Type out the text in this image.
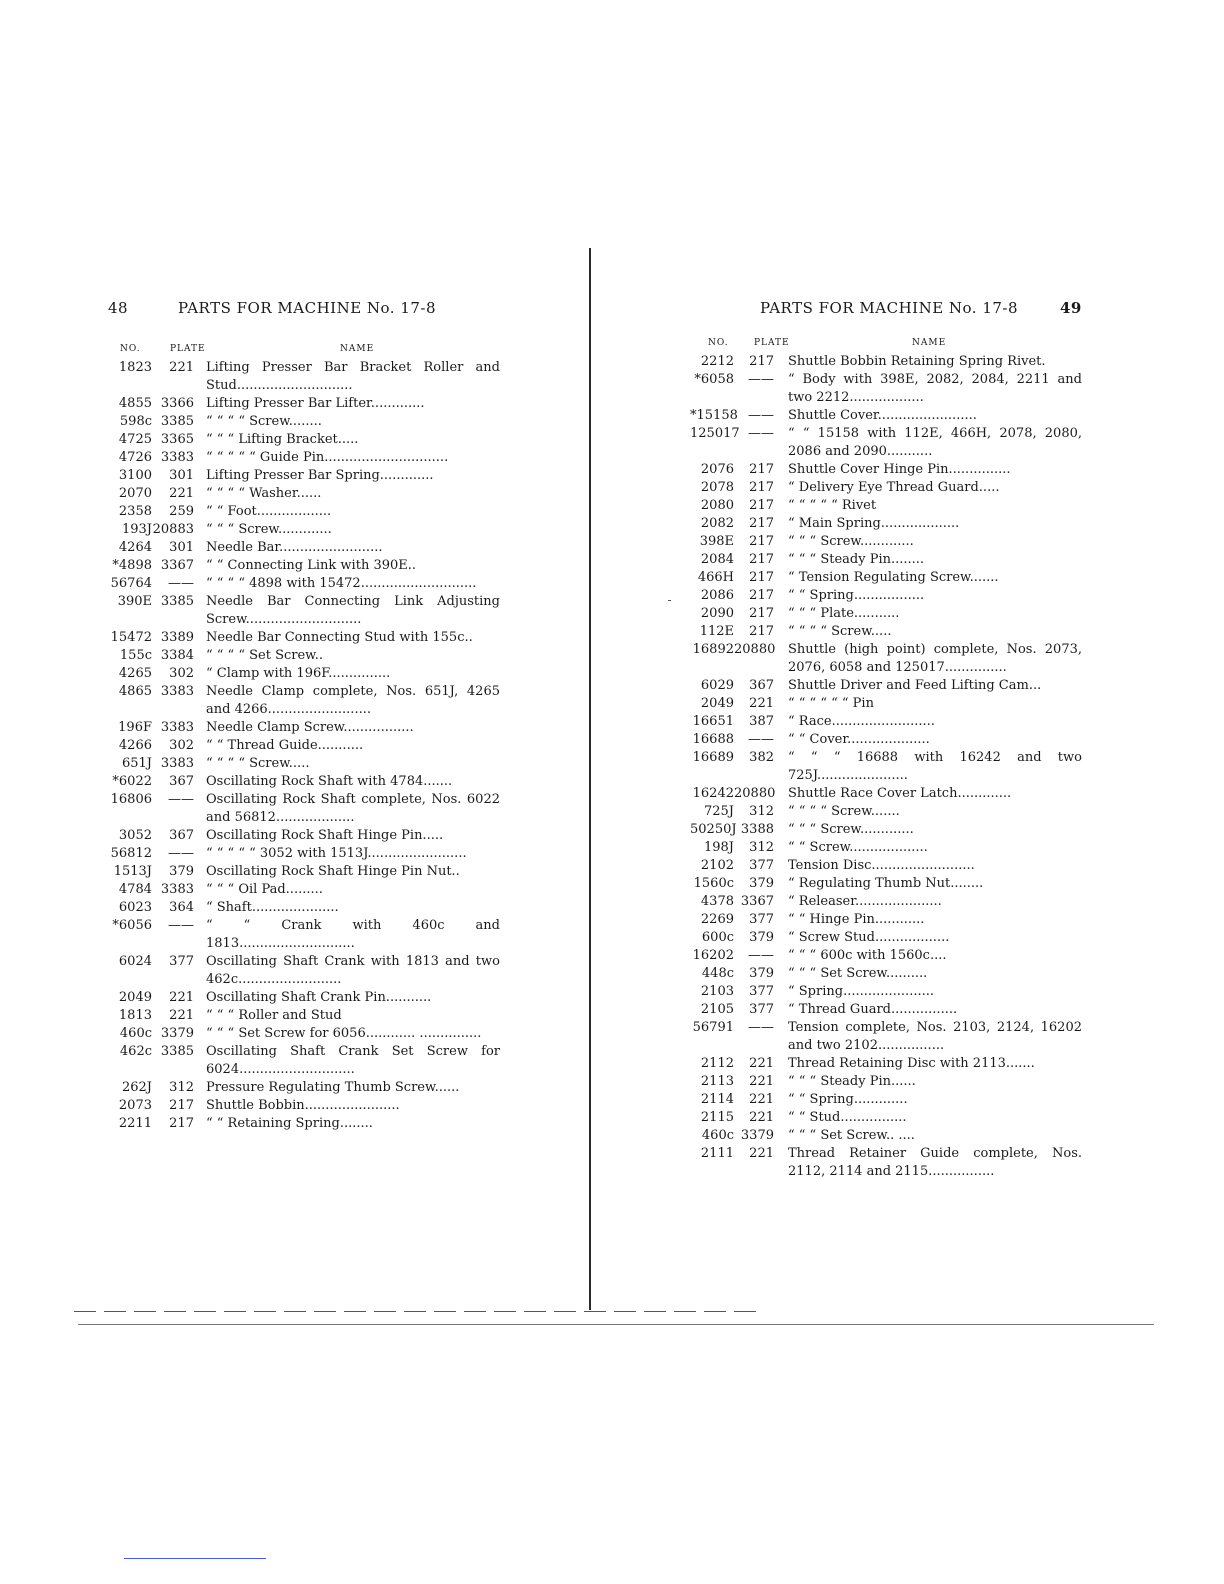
48	PARTS FOR MACHINE No. 17-8
NO.	PLATE	NAME
1823	221 Lifting Presser Bar Bracket Roller and Stud............................
4855 3366 Lifting Presser Bar Lifter.............
598c 3385 “ “ “ “ Screw........
4725 3365 “ “ “ Lifting Bracket.....
4726 3383 “ “ “ “ “ Guide Pin..............................
3100	301 Lifting Presser Bar Spring.............
2070	221 “ “ “ “ Washer......
2358	259 “ “ Foot..................
193J 20883 “ “ “ Screw.............
4264	301 Needle Bar.........................
*4898 3367 “ “ Connecting Link with 390E..
56764	—— “ “ “ “ 4898 with 15472............................
390E 3385 Needle Bar Connecting Link Adjusting Screw............................
15472 3389 Needle Bar Connecting Stud with 155c..
155c 3384 “ “ “ “ Set Screw..
4265	302 “ Clamp with 196F...............
4865 3383 Needle Clamp complete, Nos. 651J, 4265 and 4266.........................
196F 3383 Needle Clamp Screw.................
4266	302 “ “ Thread Guide...........
651J 3383 “ “ “ “ Screw.....
*6022	367 Oscillating Rock Shaft with 4784.......
16806	—— Oscillating Rock Shaft complete, Nos. 6022 and 56812...................
3052	367 Oscillating Rock Shaft Hinge Pin.....
56812	—— “ “ “ “ “ 3052 with 1513J........................
1513J	379 Oscillating Rock Shaft Hinge Pin Nut..
4784 3383 “ “ “ Oil Pad.........
6023	364 “ Shaft.....................
*6056	—— “ “ Crank with 460c and 1813............................
6024	377 Oscillating Shaft Crank with 1813 and two 462c.........................
2049	221 Oscillating Shaft Crank Pin...........
1813	221 “ “ “ Roller and Stud
460c 3379 “ “ “ Set Screw for 6056............ ...............
462c 3385 Oscillating Shaft Crank Set Screw for 6024............................
262J	312 Pressure Regulating Thumb Screw......
2073	217 Shuttle Bobbin.......................
2211	217 “ “ Retaining Spring........
PARTS FOR MACHINE No. 17-8	49
NO.	PLATE	NAME
2212	217	Shuttle Bobbin Retaining Spring Rivet.
*6058	——	“ Body with 398E, 2082, 2084, 2211 and two 2212..................
*15158 ——	Shuttle Cover........................
125017 ——	“ “ 15158 with 112E, 466H, 2078, 2080, 2086 and 2090...........
2076	217	Shuttle Cover Hinge Pin...............
2078	217	“ Delivery Eye Thread Guard.....
2080	217	“ “ “ “ “ Rivet
2082	217	“ Main Spring...................
398E	217	“ “ “ Screw.............
2084	217	“ “ “ Steady Pin........
466H	217	“ Tension Regulating Screw.......
2086	217	“ “ Spring.................
2090	217	“ “ “ Plate...........
112E	217	“ “ “ “ Screw.....
16892 20880 Shuttle (high point) complete, Nos. 2073, 2076, 6058 and 125017...............
6029	367	Shuttle Driver and Feed Lifting Cam...
2049	221	“ “ “ “ “ “ Pin
16651	387	“ Race.........................
16688	——	“ “ Cover....................
16689	382	“ “ “ 16688 with 16242 and two 725J......................
16242 20880 Shuttle Race Cover Latch.............
725J	312	“ “ “ “ Screw.......
50250J 3388	“ “ “ Screw.............
198J	312	“ “ Screw...................
2102	377	Tension Disc.........................
1560c	379	“ Regulating Thumb Nut........
4378 3367	“ Releaser.....................
2269	377	“ “ Hinge Pin............
600c	379	“ Screw Stud..................
16202	——	“ “ “ 600c with 1560c....
448c	379	“ “ “ Set Screw..........
2103	377	“ Spring......................
2105	377	“ Thread Guard................
56791	——	Tension complete, Nos. 2103, 2124, 16202 and two 2102................
2112	221	Thread Retaining Disc with 2113.......
2113	221	“ “ “ Steady Pin......
2114	221	“ “ Spring.............
2115	221	“ “ Stud................
460c 3379	“ “ “ Set Screw.. ....
2111	221	Thread Retainer Guide complete, Nos. 2112, 2114 and 2115................
